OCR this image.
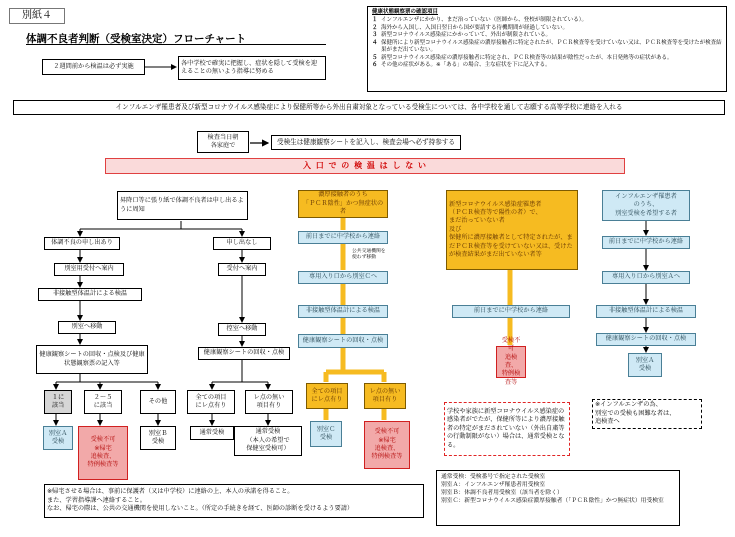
別紙４
体調不良者判断（受検室決定）フローチャート
２週間前から検温は必ず実施	各中学校で確実に把握し、症状を隠して受検を迎えることの無いよう指導に努める
健康状態観察票の確認項目
１ インフルエンザにかかり、まだ治っていない（医師から、登校が制限されている）。
２ 海外から入国し、入国日翌日から国が要請する待機期間が経過していない。
３ 新型コロナウイルス感染症にかかっていて、外出が制限されている。
４ 保健所により新型コロナウイルス感染症の濃厚接触者に特定されたが、ＰＣＲ検査等を受けていない又は、ＰＣＲ検査等を受けたが検査結果がまだ出ていない。
５ 新型コロナウイルス感染症の濃厚接触者に特定され、ＰＣＲ検査等の結果が陰性だったが、本日発熱等の症状がある。
６ その他の症状がある。※「ある」の場合、主な症状を下に記入する。
インフルエンザ罹患者及び新型コロナウイルス感染症により保健所等から外出自粛対象となっている受検生については、各中学校を通して志願する高等学校に連絡を入れる
検査当日朝
各家庭で	受検生は健康観察シートを記入し、検査会場へ必ず持参する
入 口 で の 検 温 は し な い
昇降口等に張り紙で体調不良者は申し出るように周知
体調不良の申し出あり	申し出なし
別室用受付へ案内
非接触型体温計による検温
別室へ移動
健康観察シートの回収・点検及び健康状態観察票の記入等
１に
該当
２～５
に該当
その他
別室Ａ
受検	受検不可
※帰宅
追検査、
特例検査等
別室Ｂ
受検
受付へ案内
控室へ移動
健康観察シートの回収・点検
全ての項目
にレ点有り
レ点の無い
項目有り
通常受検	通常受検
（本人の希望で
保健室受検可）
濃厚接触者のうち
「ＰＣＲ陰性」かつ無症状の者
前日までに中学校から連絡
公共交通機関を
使わず移動
専用入り口から別室Ｃへ
非接触型体温計による検温
健康観察シートの回収・点検
全ての項目
にレ点有り
レ点の無い
項目有り
別室Ｃ
受検
受検不可
※帰宅
追検査、
特例検査等
新型コロナウイルス感染症罹患者
（ＰＣＲ検査等で陽性の者）で、
まだ治っていない者
及び
保健所に濃厚接触者として特定されたが、まだＰＣＲ検査等を受けていない又は、受けたが検査結果がまだ出ていない者等
前日までに中学校から連絡
受検不可
追検査、
特例検査等
学校や家族に新型コロナウイルス感染症の感染者がでたが、保健所等により濃厚接触者の特定がまだされていない（外出自粛等の行動制限がない）場合は、通常受検となる。
インフルエンザ罹患者
のうち、
別室受検を希望する者
前日までに中学校から連絡
専用入り口から別室Ａへ
非接触型体温計による検温
健康観察シートの回収・点検
別室Ａ
受検
※インフルエンザの為、
別室での受検も困難な者は、
追検査へ
※帰宅させる場合は、事前に保護者（又は中学校）に連絡の上、本人の承諾を得ること。
また、学習指導課へ連絡すること。
なお、帰宅の際は、公共の交通機関を使用しないこと。（所定の手続きを経て、医師の診断を受けるよう要請）
通常受検：受検番号で指定された受検室
別室Ａ：インフルエンザ罹患者用受検室
別室Ｂ：体調不良者用受検室（該当者を除く）
別室Ｃ：新型コロナウイルス感染症濃厚接触者（「ＰＣＲ陰性」かつ無症状）用受検室
